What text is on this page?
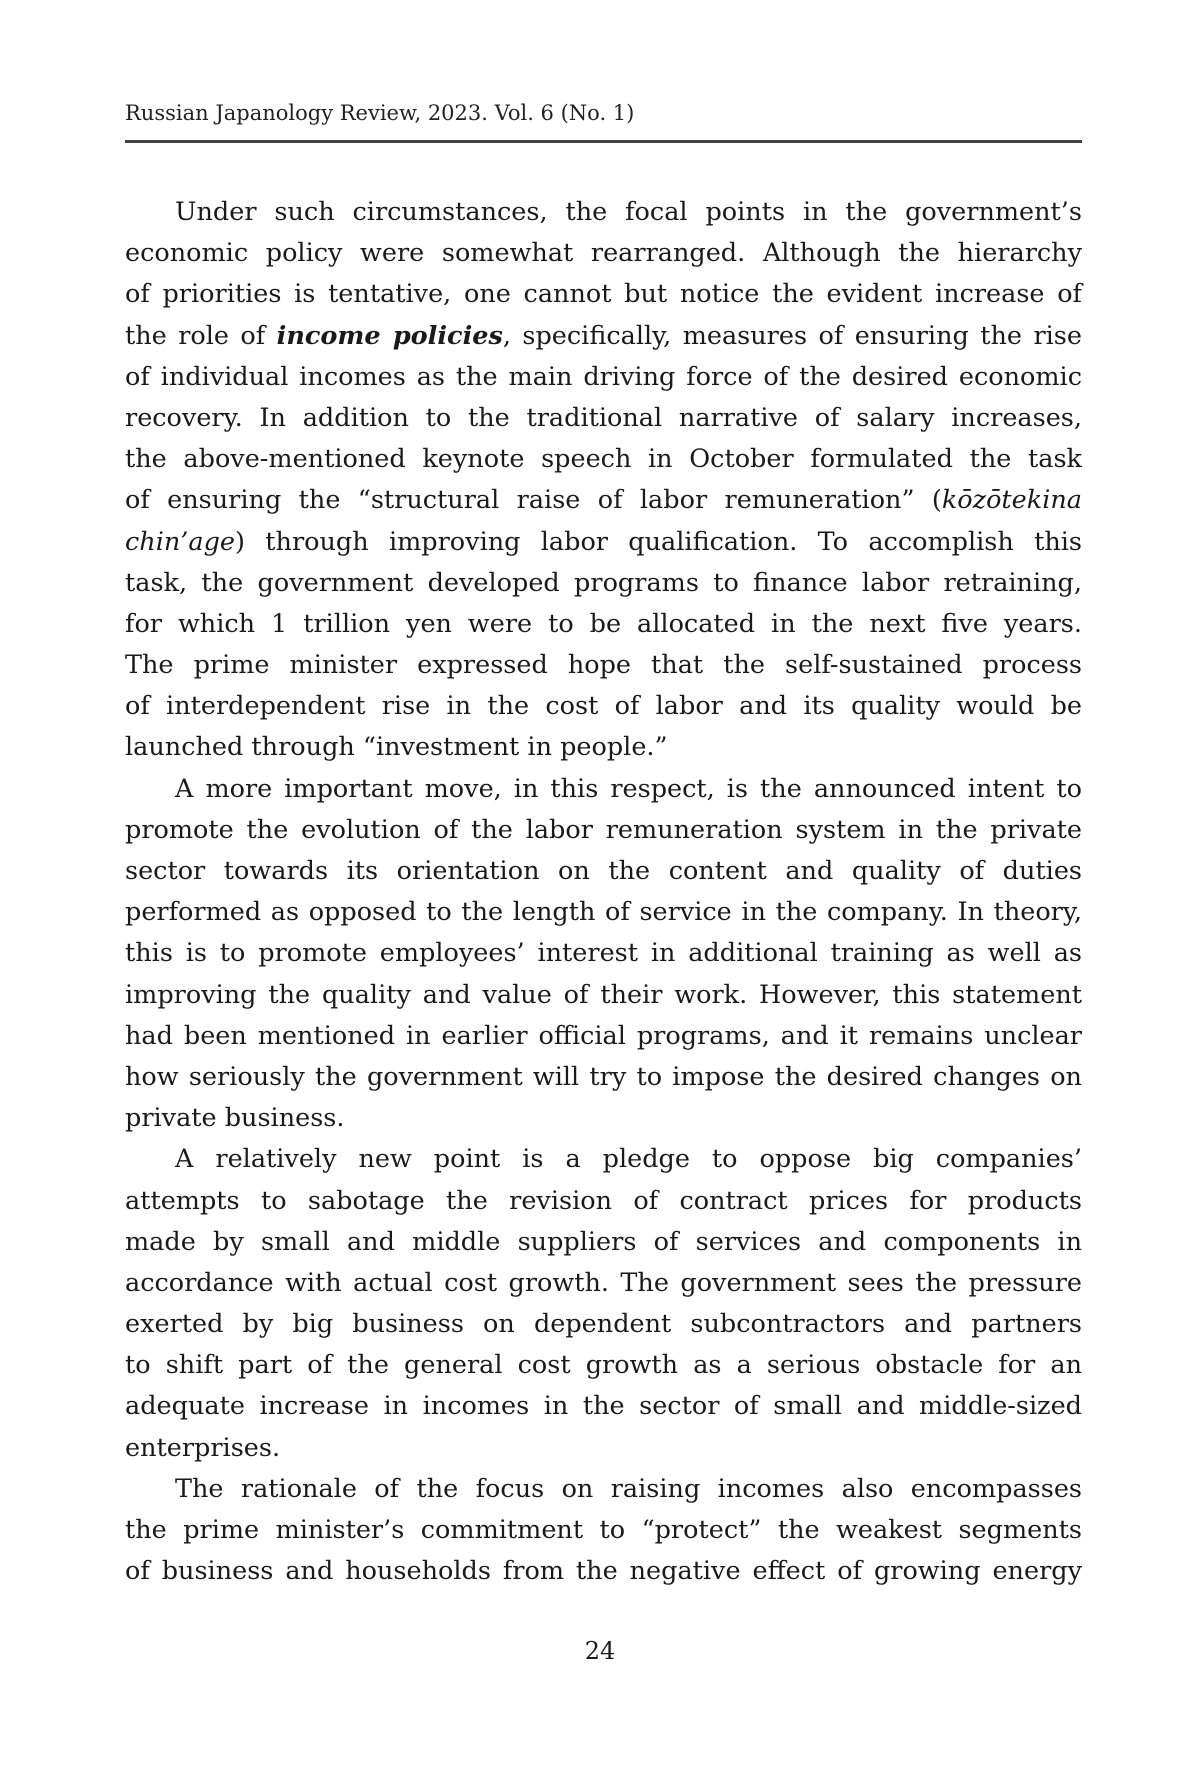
Russian Japanology Review, 2023. Vol. 6 (No. 1)
Under such circumstances, the focal points in the government’s
economic policy were somewhat rearranged. Although the hierarchy
of priorities is tentative, one cannot but notice the evident increase of
the role of income policies, specifically, measures of ensuring the rise
of individual incomes as the main driving force of the desired economic
recovery. In addition to the traditional narrative of salary increases,
the above-mentioned keynote speech in October formulated the task
of ensuring the “structural raise of labor remuneration” (kōzōtekina
chin’age) through improving labor qualification. To accomplish this
task, the government developed programs to finance labor retraining,
for which 1 trillion yen were to be allocated in the next five years.
The prime minister expressed hope that the self-sustained process
of interdependent rise in the cost of labor and its quality would be
launched through “investment in people.”
A more important move, in this respect, is the announced intent to
promote the evolution of the labor remuneration system in the private
sector towards its orientation on the content and quality of duties
performed as opposed to the length of service in the company. In theory,
this is to promote employees’ interest in additional training as well as
improving the quality and value of their work. However, this statement
had been mentioned in earlier official programs, and it remains unclear
how seriously the government will try to impose the desired changes on
private business.
A relatively new point is a pledge to oppose big companies’
attempts to sabotage the revision of contract prices for products
made by small and middle suppliers of services and components in
accordance with actual cost growth. The government sees the pressure
exerted by big business on dependent subcontractors and partners
to shift part of the general cost growth as a serious obstacle for an
adequate increase in incomes in the sector of small and middle-sized
enterprises.
The rationale of the focus on raising incomes also encompasses
the prime minister’s commitment to “protect” the weakest segments
of business and households from the negative effect of growing energy
24
